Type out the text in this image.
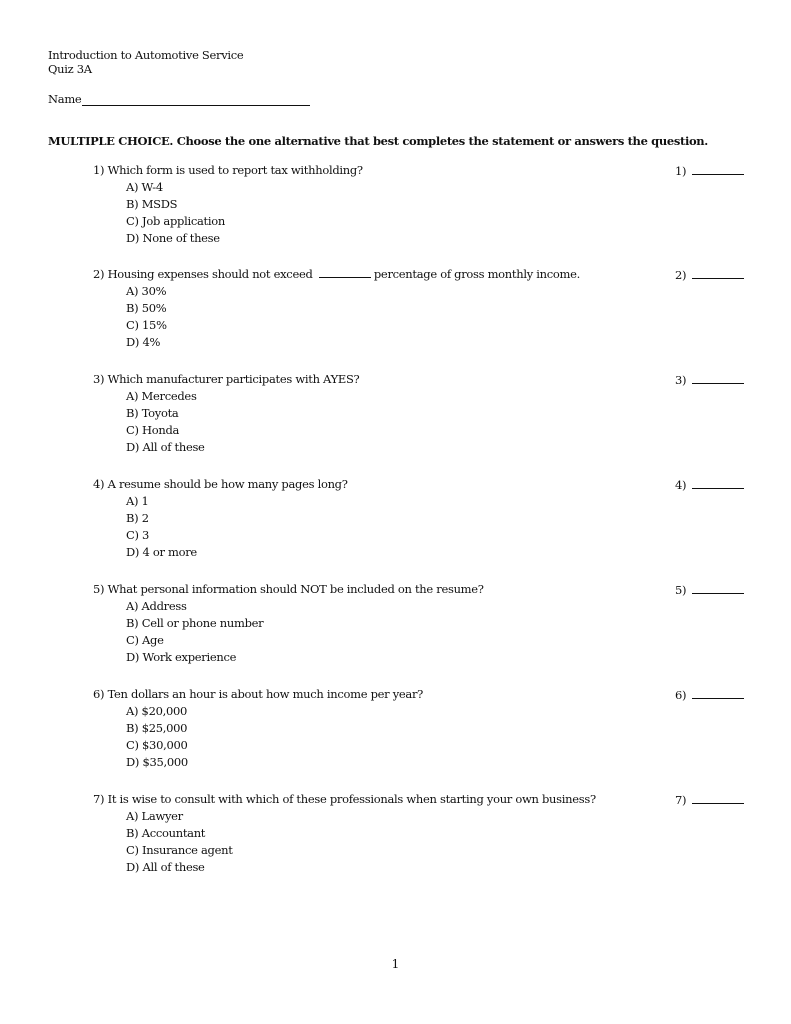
Introduction to Automotive Service
Quiz 3A
Name
MULTIPLE CHOICE. Choose the one alternative that best completes the statement or answers the question.
1) Which form is used to report tax withholding?	1)
A) W-4
B) MSDS
C) Job application
D) None of these
2) Housing expenses should not exceed	percentage of gross monthly income.	2)
A) 30%
B) 50%
C) 15%
D) 4%
3) Which manufacturer participates with AYES?	3)
A) Mercedes
B) Toyota
C) Honda
D) All of these
4) A resume should be how many pages long?	4)
A) 1
B) 2
C) 3
D) 4 or more
5) What personal information should NOT be included on the resume?	5)
A) Address
B) Cell or phone number
C) Age
D) Work experience
6) Ten dollars an hour is about how much income per year?	6)
A) $20,000
B) $25,000
C) $30,000
D) $35,000
7) It is wise to consult with which of these professionals when starting your own business?	7)
A) Lawyer
B) Accountant
C) Insurance agent
D) All of these
1
